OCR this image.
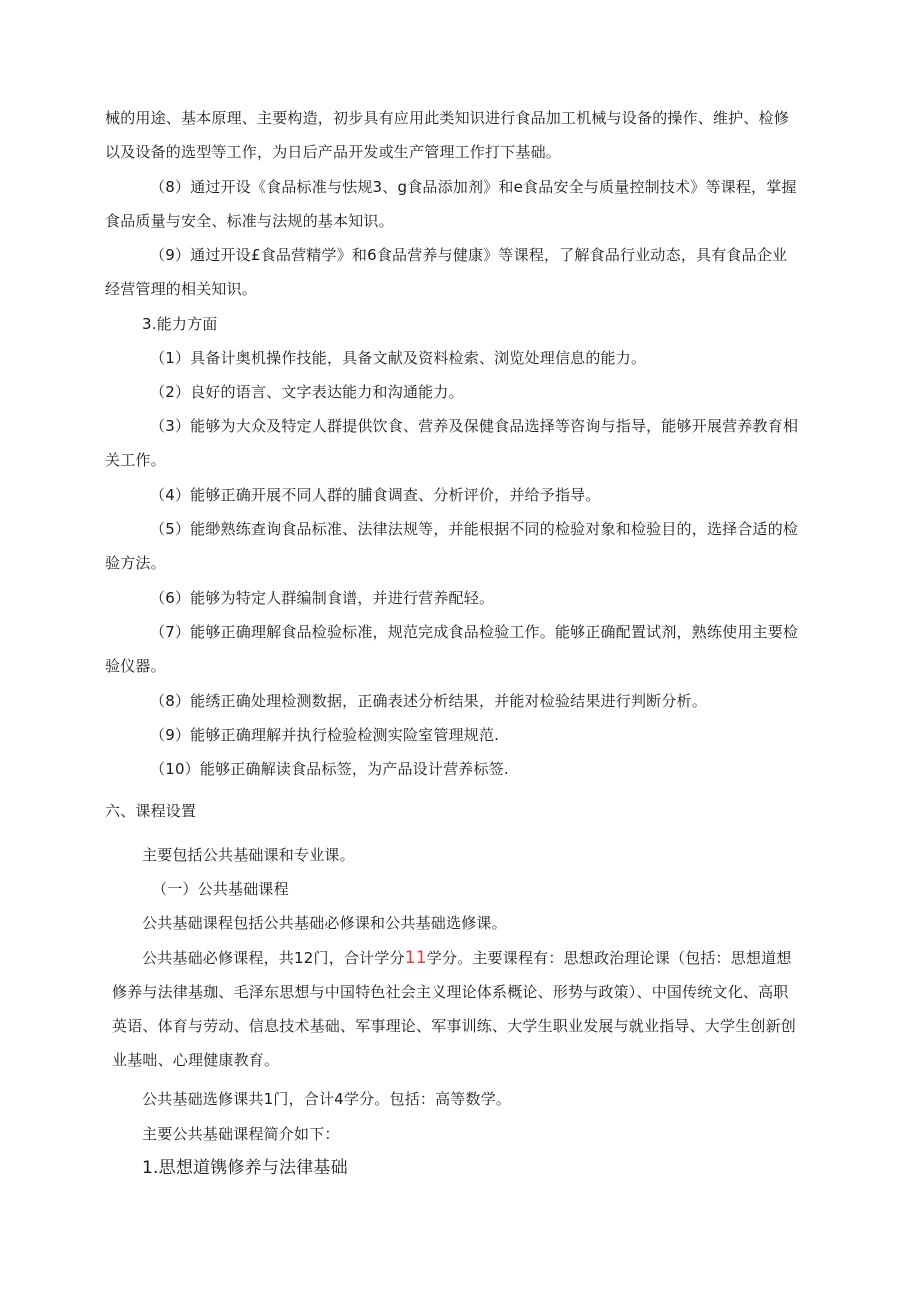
械的用途、基本原理、主要构造，初步具有应用此类知识进行食品加工机械与设备的操作、维护、检修
以及设备的选型等工作，为日后产品开发或生产管理工作打下基础。
（8）通过开设《食品标准与怯规3、g食品添加剂》和e食品安全与质量控制技术》等课程，掌握
食品质量与安全、标准与法规的基本知识。
（9）通过开设£食品营精学》和6食品营养与健康》等课程，了解食品行业动态，具有食品企业
经营管理的相关知识。
3.能力方面
（1）具备计奥机操作技能，具备文献及资料检索、浏览处理信息的能力。
（2）良好的语言、文字表达能力和沟通能力。
（3）能够为大众及特定人群提供饮食、营养及保健食品选择等咨询与指导，能够开展营养教育相
关工作。
（4）能够正确开展不同人群的脯食调查、分析评价，并给予指导。
（5）能缈熟练查询食品标准、法律法规等，并能根据不同的检验对象和检验目的，选择合适的检
验方法。
（6）能够为特定人群编制食谱，并进行营养配轻。
（7）能够正确理解食品检验标准，规范完成食品检验工作。能够正确配置试剂，熟练使用主要检
验仪器。
（8）能绣正确处理检测数据，正确表述分析结果，并能对检验结果进行判断分析。
（9）能够正确理解并执行检验检测实险室管理规范.
（10）能够正确解读食品标签，为产品设计营养标签.
六、课程设置
主要包括公共基础课和专业课。
（一）公共基础课程
公共基础课程包括公共基础必修课和公共基础选修课。
公共基础必修课程，共12门，合计学分11学分。主要课程有：思想政治理论课（包括：思想道想
修养与法律基珈、毛泽东思想与中国特色社会主义理论体系概论、形势与政策）、中国传统文化、高职
英语、体育与劳动、信息技术基础、军事理论、军事训练、大学生职业发展与就业指导、大学生创新创
业基咄、心理健康教育。
公共基础选修课共1门，合计4学分。包括：高等数学。
主要公共基础课程简介如下：
1.思想道镌修养与法律基础
